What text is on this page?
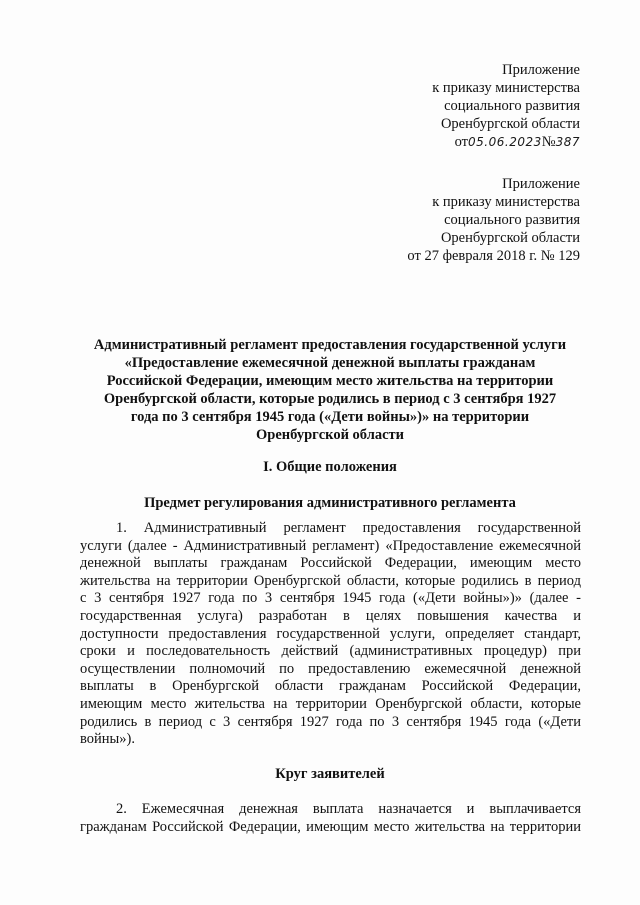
Приложение
к приказу министерства
социального развития
Оренбургской области
от05.06.2023№387
Приложение
к приказу министерства
социального развития
Оренбургской области
от 27 февраля 2018 г. № 129
Административный регламент предоставления государственной услуги
«Предоставление ежемесячной денежной выплаты гражданам
Российской Федерации, имеющим место жительства на территории
Оренбургской области, которые родились в период с 3 сентября 1927
года по 3 сентября 1945 года («Дети войны»)» на территории
Оренбургской области
I. Общие положения
Предмет регулирования административного регламента
1. Административный регламент предоставления государственной
услуги (далее - Административный регламент) «Предоставление ежемесячной
денежной выплаты гражданам Российской Федерации, имеющим место
жительства на территории Оренбургской области, которые родились в период
с 3 сентября 1927 года по 3 сентября 1945 года («Дети войны»)» (далее -
государственная услуга) разработан в целях повышения качества и
доступности предоставления государственной услуги, определяет стандарт,
сроки и последовательность действий (административных процедур) при
осуществлении полномочий по предоставлению ежемесячной денежной
выплаты в Оренбургской области гражданам Российской Федерации,
имеющим место жительства на территории Оренбургской области, которые
родились в период с 3 сентября 1927 года по 3 сентября 1945 года («Дети
войны»).
Круг заявителей
2. Ежемесячная денежная выплата назначается и выплачивается
гражданам Российской Федерации, имеющим место жительства на территории
